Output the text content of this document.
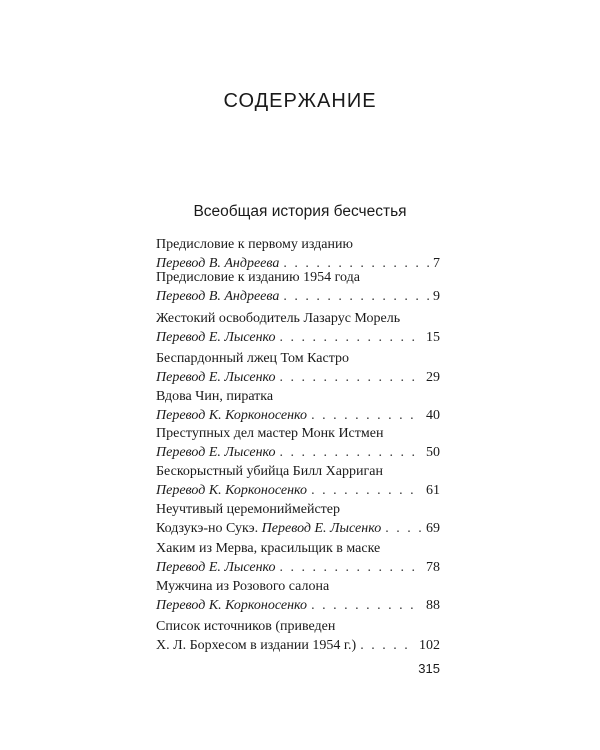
СОДЕРЖАНИЕ
Всеобщая история бесчестья
Предисловие к первому изданию
Перевод В. Андреева . . .	7
Предисловие к изданию 1954 года
Перевод В. Андреева . . .	9
Жестокий освободитель Лазарус Морель
Перевод Е. Лысенко . . .	15
Беспардонный лжец Том Кастро
Перевод Е. Лысенко . . .	29
Вдова Чин, пиратка
Перевод К. Корконосенко . . .	40
Преступных дел мастер Монк Истмен
Перевод Е. Лысенко . . .	50
Бескорыстный убийца Билл Харриган
Перевод К. Корконосенко . . .	61
Неучтивый церемониймейстер
Кодзукэ-но Сукэ.
Перевод Е. Лысенко . . .	69
Хаким из Мерва, красильщик в маске
Перевод Е. Лысенко . . .	78
Мужчина из Розового салона
Перевод К. Корконосенко . . .	88
Список источников (приведен
Х. Л. Борхесом в издании 1954 г.) . . .	102
315
